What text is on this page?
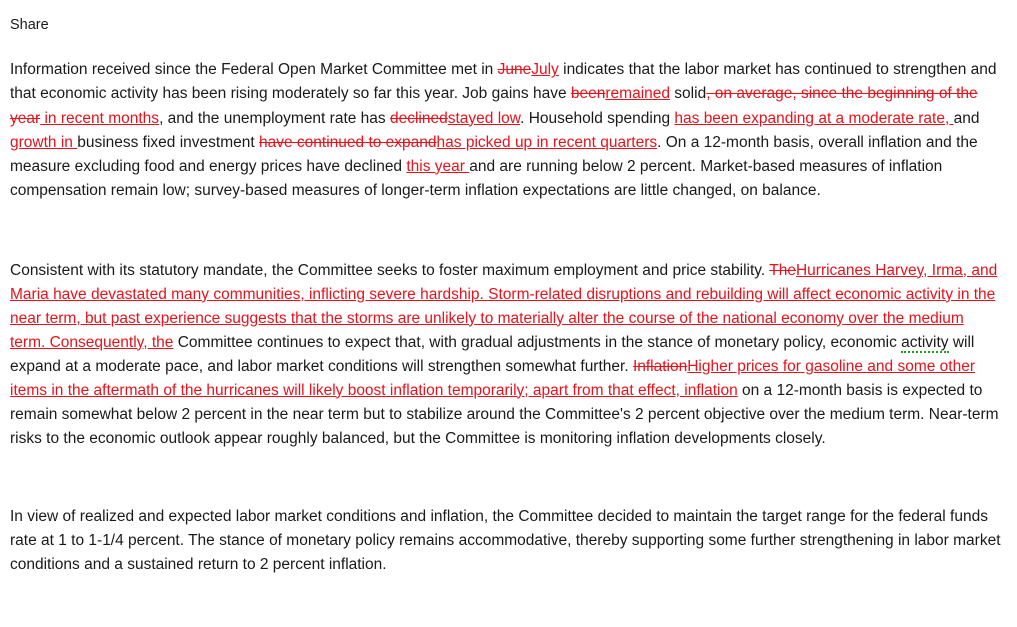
Share

Information received since the Federal Open Market Committee met in JuneJuly indicates that the labor market has continued to strengthen and that economic activity has been rising moderately so far this year. Job gains have beenremained solid, on average, since the beginning of the year in recent months, and the unemployment rate has declinedstayed low. Household spending has been expanding at a moderate rate, and growth in business fixed investment have continued to expandhas picked up in recent quarters. On a 12-month basis, overall inflation and the measure excluding food and energy prices have declined this year and are running below 2 percent. Market-based measures of inflation compensation remain low; survey-based measures of longer-term inflation expectations are little changed, on balance.

Consistent with its statutory mandate, the Committee seeks to foster maximum employment and price stability. TheHurricanes Harvey, Irma, and Maria have devastated many communities, inflicting severe hardship. Storm-related disruptions and rebuilding will affect economic activity in the near term, but past experience suggests that the storms are unlikely to materially alter the course of the national economy over the medium term. Consequently, the Committee continues to expect that, with gradual adjustments in the stance of monetary policy, economic activity will expand at a moderate pace, and labor market conditions will strengthen somewhat further. InflationHigher prices for gasoline and some other items in the aftermath of the hurricanes will likely boost inflation temporarily; apart from that effect, inflation on a 12-month basis is expected to remain somewhat below 2 percent in the near term but to stabilize around the Committee's 2 percent objective over the medium term. Near-term risks to the economic outlook appear roughly balanced, but the Committee is monitoring inflation developments closely.

In view of realized and expected labor market conditions and inflation, the Committee decided to maintain the target range for the federal funds rate at 1 to 1-1/4 percent. The stance of monetary policy remains accommodative, thereby supporting some further strengthening in labor market conditions and a sustained return to 2 percent inflation.
